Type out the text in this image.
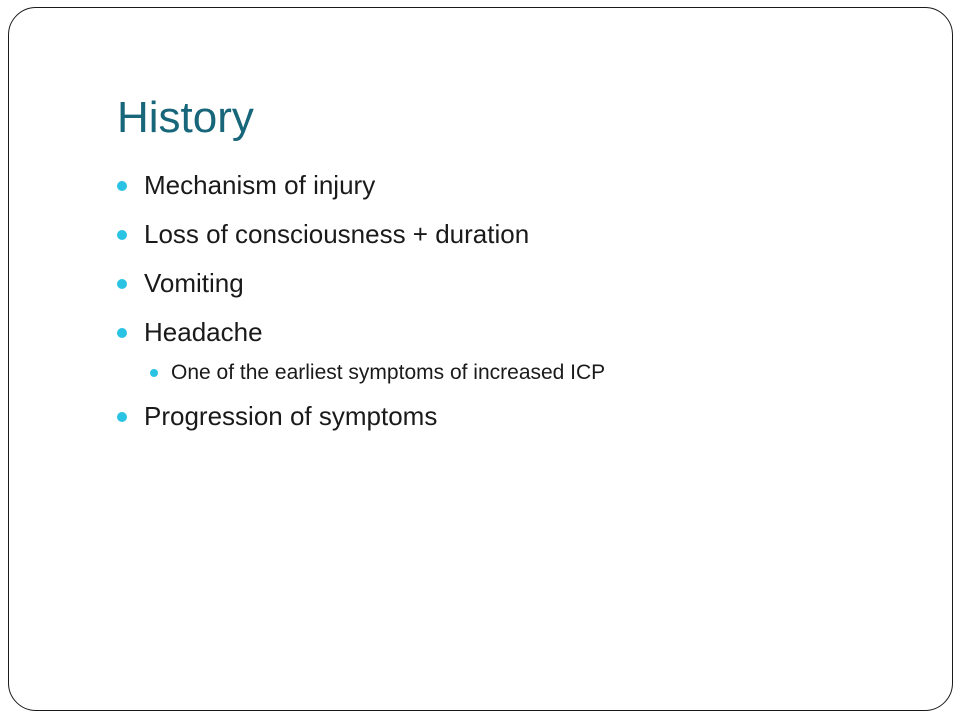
History
Mechanism of injury
Loss of consciousness + duration
Vomiting
Headache
One of the earliest symptoms of increased ICP
Progression of symptoms
